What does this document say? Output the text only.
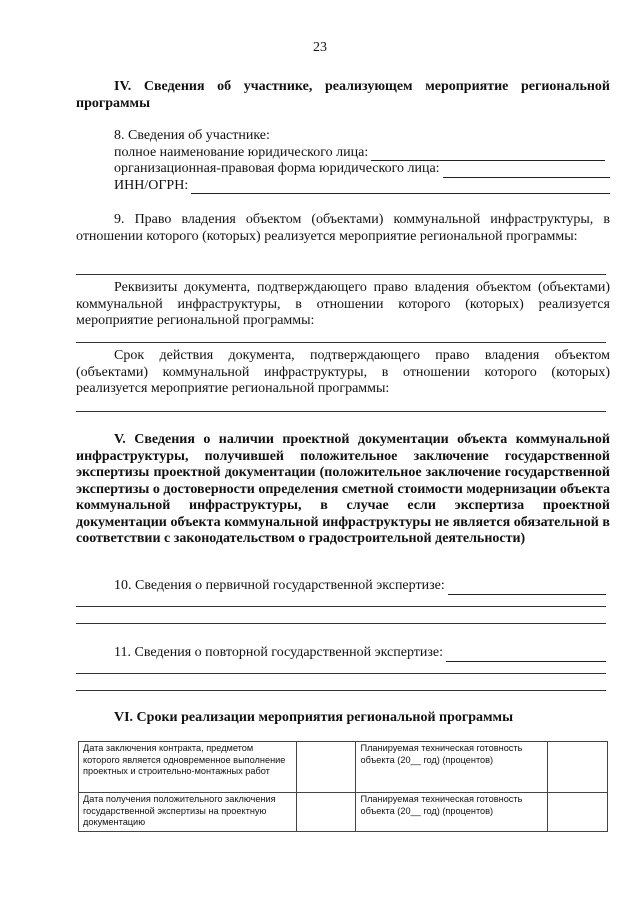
23
IV. Сведения об участнике, реализующем мероприятие региональной программы
8. Сведения об участнике:
полное наименование юридического лица:
организационная-правовая форма юридического лица:
ИНН/ОГРН:
9. Право владения объектом (объектами) коммунальной инфраструктуры, в отношении которого (которых) реализуется мероприятие региональной программы:
Реквизиты документа, подтверждающего право владения объектом (объектами) коммунальной инфраструктуры, в отношении которого (которых) реализуется мероприятие региональной программы:
Срок действия документа, подтверждающего право владения объектом (объектами) коммунальной инфраструктуры, в отношении которого (которых) реализуется мероприятие региональной программы:
V. Сведения о наличии проектной документации объекта коммунальной инфраструктуры, получившей положительное заключение государственной экспертизы проектной документации (положительное заключение государственной экспертизы о достоверности определения сметной стоимости модернизации объекта коммунальной инфраструктуры, в случае если экспертиза проектной документации объекта коммунальной инфраструктуры не является обязательной в соответствии с законодательством о градостроительной деятельности)
10. Сведения о первичной государственной экспертизе:
11. Сведения о повторной государственной экспертизе:
VI. Сроки реализации мероприятия региональной программы
Дата заключения контракта, предметом которого является одновременное выполнение проектных и строительно-монтажных работ		Планируемая техническая готовность объекта (20__ год) (процентов)	
Дата получения положительного заключения государственной экспертизы на проектную документацию		Планируемая техническая готовность объекта (20__ год) (процентов)	
